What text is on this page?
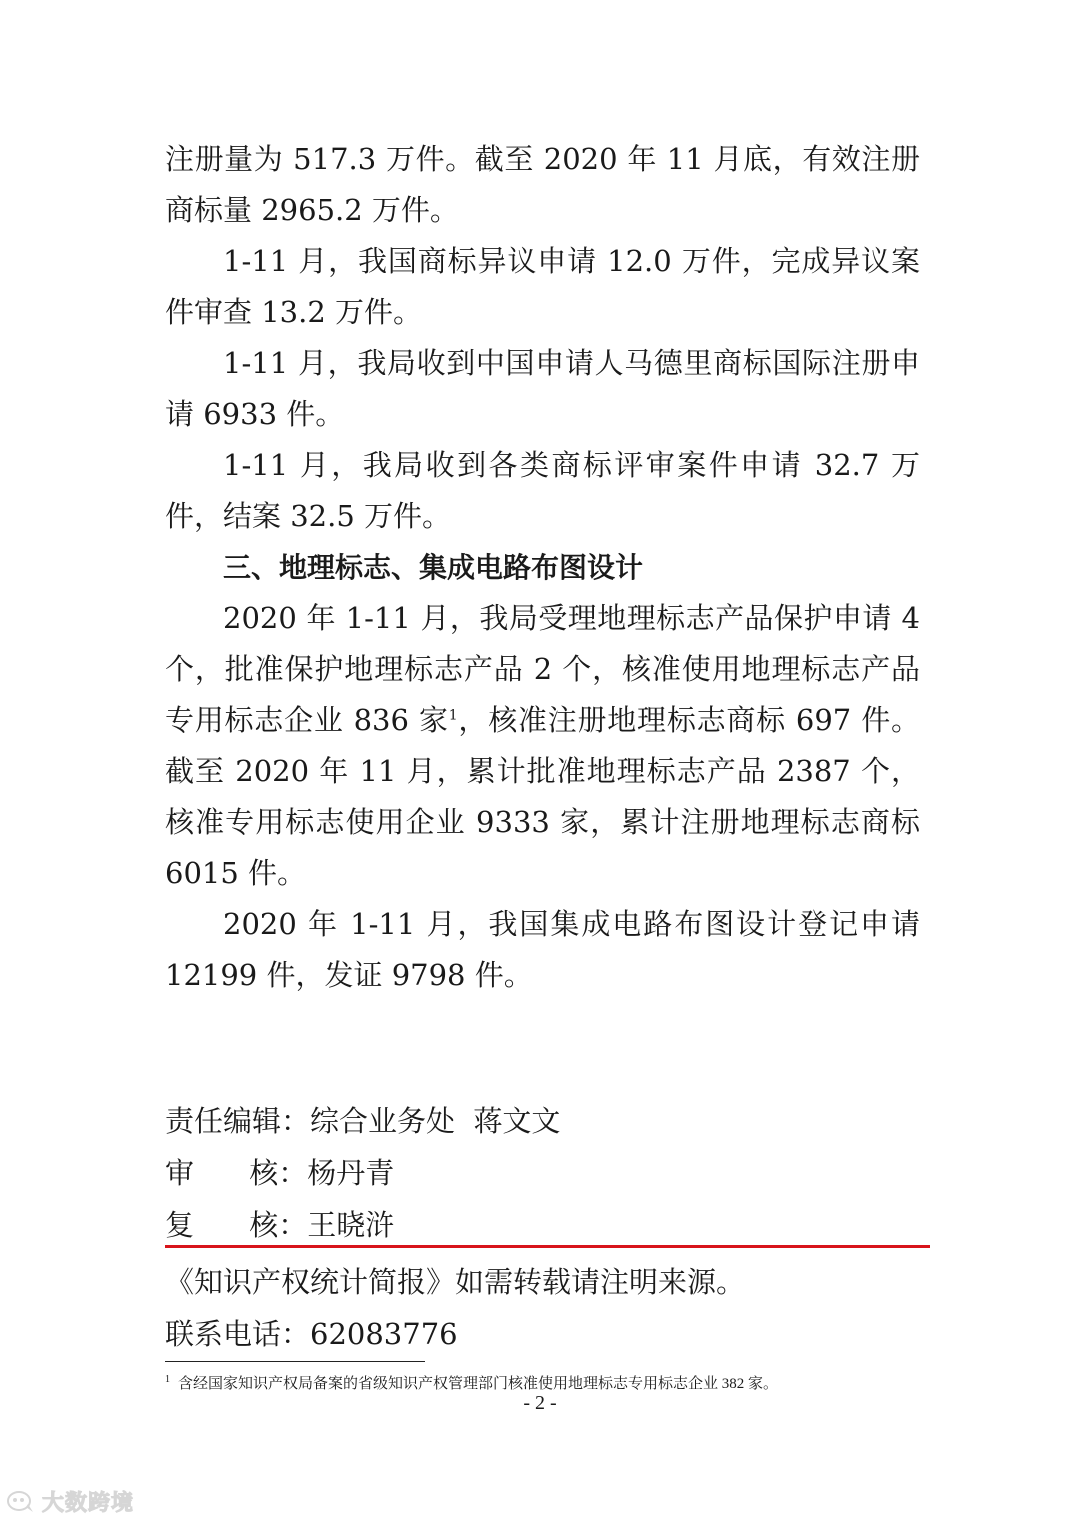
注册量为 517.3 万件。截至 2020 年 11 月底，有效注册商标量 2965.2 万件。

1-11 月，我国商标异议申请 12.0 万件，完成异议案件审查 13.2 万件。

1-11 月，我局收到中国申请人马德里商标国际注册申请 6933 件。

1-11 月，我局收到各类商标评审案件申请 32.7 万件，结案 32.5 万件。

三、地理标志、集成电路布图设计

2020 年 1-11 月，我局受理地理标志产品保护申请 4 个，批准保护地理标志产品 2 个，核准使用地理标志产品专用标志企业 836 家$^1$，核准注册地理标志商标 697 件。截至 2020 年 11 月，累计批准地理标志产品 2387 个，核准专用标志使用企业 9333 家，累计注册地理标志商标 6015 件。

2020 年 1-11 月，我国集成电路布图设计登记申请 12199 件，发证 9798 件。

责任编辑：综合业务处  蒋文文
审      核：杨丹青
复      核：王晓浒
《知识产权统计简报》如需转载请注明来源。
联系电话：62083776
$^1$ 含经国家知识产权局备案的省级知识产权管理部门核准使用地理标志专用标志企业 382 家。
- 2 -
大数跨境
